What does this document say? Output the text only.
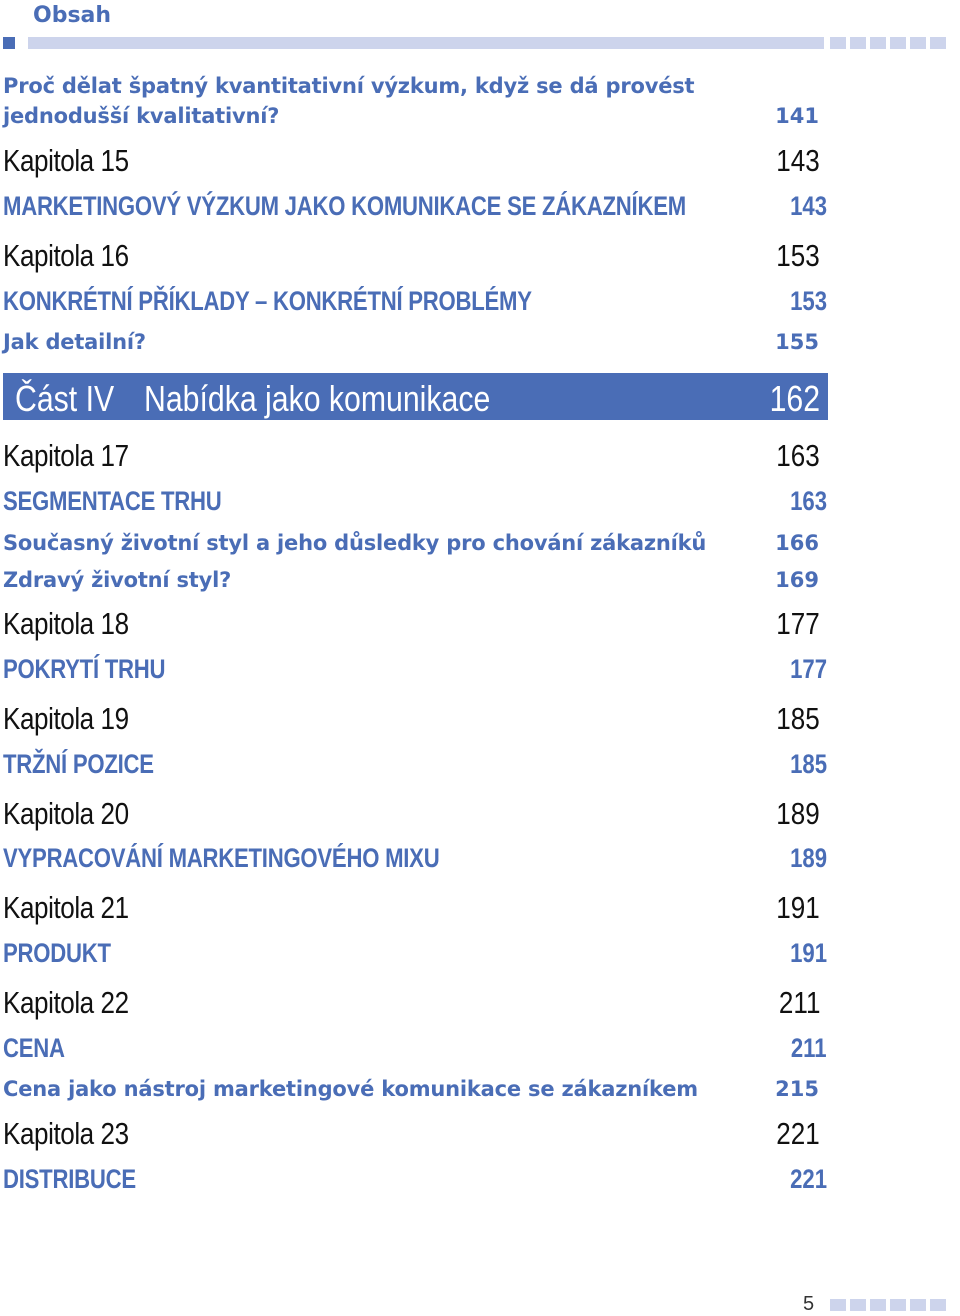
Obsah
Proč dělat špatný kvantitativní výzkum, když se dá provést
jednodušší kvalitativní?	141
Kapitola 15	143
MARKETINGOVÝ VÝZKUM JAKO KOMUNIKACE SE ZÁKAZNÍKEM	143
Kapitola 16	153
KONKRÉTNÍ PŘÍKLADY – KONKRÉTNÍ PROBLÉMY	153
Jak detailní?	155
Část IV Nabídka jako komunikace	162
Kapitola 17	163
SEGMENTACE TRHU	163
Současný životní styl a jeho důsledky pro chování zákazníků	166
Zdravý životní styl?	169
Kapitola 18	177
POKRYTÍ TRHU	177
Kapitola 19	185
TRŽNÍ POZICE	185
Kapitola 20	189
VYPRACOVÁNÍ MARKETINGOVÉHO MIXU	189
Kapitola 21	191
PRODUKT	191
Kapitola 22	211
CENA	211
Cena jako nástroj marketingové komunikace se zákazníkem	215
Kapitola 23	221
DISTRIBUCE	221
5
